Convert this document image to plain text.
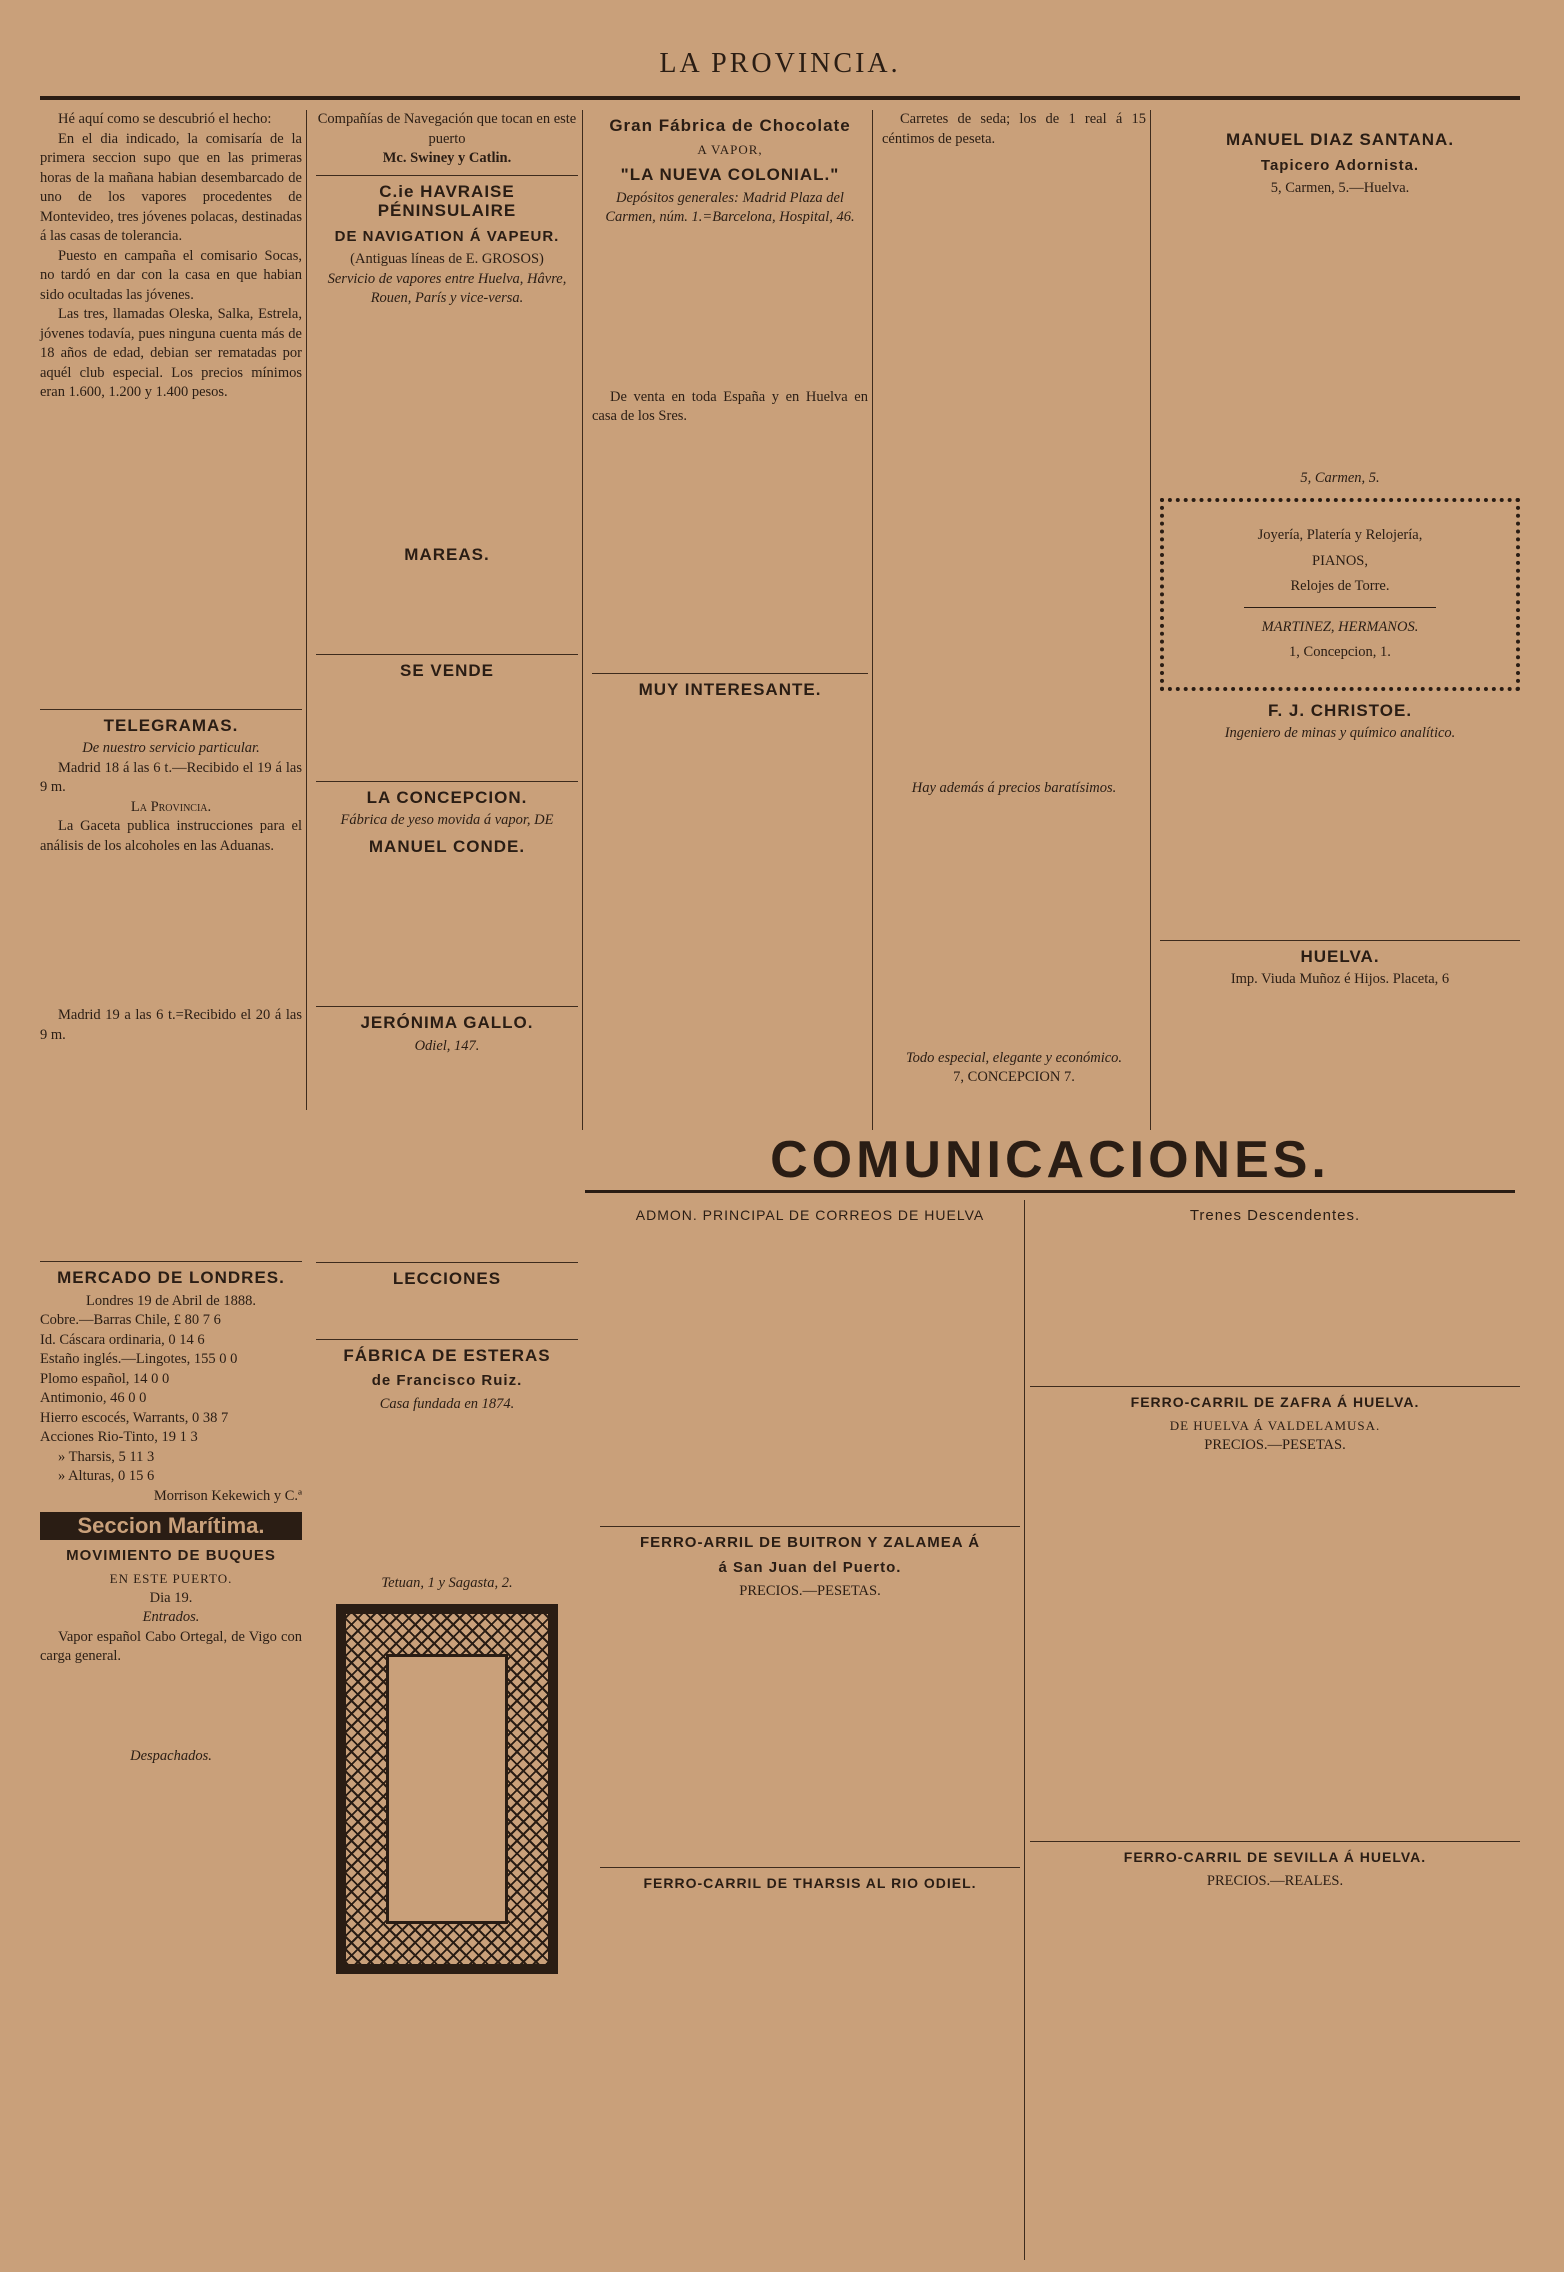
LA PROVINCIA.

Hé aquí como se descubrió el hecho:

En el dia indicado, la comisaría de la primera seccion supo que en las primeras horas de la mañana habian desembarcado de uno de los vapores procedentes de Montevideo, tres jóvenes polacas, destinadas á las casas de tolerancia.

Puesto en campaña el comisario Socas, no tardó en dar con la casa en que habian sido ocultadas las jóvenes.

Las tres, llamadas Oleska, Salka, Estrela, jóvenes todavía, pues ninguna cuenta más de 18 años de edad, debian ser rematadas por aquél club especial. Los precios mínimos eran 1.600, 1.200 y 1.400 pesos.

TELEGRAMAS.
De nuestro servicio particular.

Madrid 18 á las 6 t.—Recibido el 19 á las 9 m.

La Provincia.

La Gaceta publica instrucciones para el análisis de los alcoholes en las Aduanas.

Madrid 19 a las 6 t.=Recibido el 20 á las 9 m.

MERCADO DE LONDRES.
Londres 19 de Abril de 1888.
Cobre.—Barras Chile, £ 80 7 6
Id. Cáscara ordinaria, 0 14 6
Estaño inglés.—Lingotes, 155 0 0
Plomo español, 14 0 0
Antimonio, 46 0 0
Hierro escocés, Warrants, 0 38 7
Acciones Rio-Tinto, 19 1 3
» Tharsis, 5 11 3
» Alturas, 0 15 6
Morrison Kekewich y C.ª
Seccion Marítima.
MOVIMIENTO DE BUQUES
EN ESTE PUERTO.
Dia 19.
Entrados.

Vapor español Cabo Ortegal, de Vigo con carga general.

Despachados.
Compañías de Navegación que tocan en este puerto
Mc. Swiney y Catlin.
C.ie HAVRAISE PÉNINSULAIRE
DE NAVIGATION Á VAPEUR.
(Antiguas líneas de E. GROSOS)
Servicio de vapores entre Huelva, Hâvre, Rouen, París y vice-versa.
MAREAS.
SE VENDE
LA CONCEPCION.
Fábrica de yeso movida á vapor, DE
MANUEL CONDE.
JERÓNIMA GALLO.
Odiel, 147.
LECCIONES
FÁBRICA DE ESTERAS
de Francisco Ruiz.
Casa fundada en 1874.
Tetuan, 1 y Sagasta, 2.
Gran Fábrica de Chocolate
A VAPOR,
"LA NUEVA COLONIAL."
Depósitos generales: Madrid Plaza del Carmen, núm. 1.=Barcelona, Hospital, 46.

De venta en toda España y en Huelva en casa de los Sres.

MUY INTERESANTE.

Carretes de seda; los de 1 real á 15 céntimos de peseta.

Hay además á precios baratísimos.
Todo especial, elegante y económico.
7, CONCEPCION 7.
MANUEL DIAZ SANTANA.
Tapicero Adornista.
5, Carmen, 5.—Huelva.
5, Carmen, 5.
Joyería, Platería y Relojería,
PIANOS,
Relojes de Torre.
MARTINEZ, HERMANOS.
1, Concepcion, 1.
F. J. CHRISTOE.
Ingeniero de minas y químico analítico.
HUELVA.
Imp. Viuda Muñoz é Hijos. Placeta, 6
COMUNICACIONES.
ADMON. PRINCIPAL DE CORREOS DE HUELVA
FERRO-ARRIL DE BUITRON Y ZALAMEA Á
á San Juan del Puerto.
PRECIOS.—PESETAS.
FERRO-CARRIL DE THARSIS AL RIO ODIEL.
Trenes Descendentes.
FERRO-CARRIL DE ZAFRA Á HUELVA.
DE HUELVA Á VALDELAMUSA.
PRECIOS.—PESETAS.
FERRO-CARRIL DE SEVILLA Á HUELVA.
PRECIOS.—REALES.
